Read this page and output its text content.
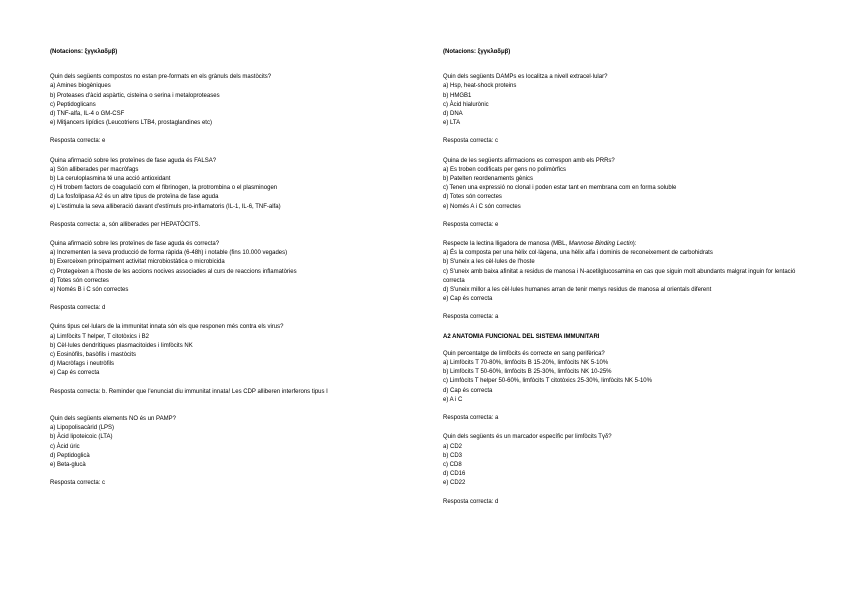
(Notacions: ξγγκλαδμβ)
Quin dels següents compostos no estan pre-formats en els grànuls dels mastòcits?
a) Amines biogèniques
b) Proteases d'àcid aspàrtic, cisteina o serina i metaloproteases
c) Peptidoglicans
d) TNF-alfa, IL-4 o GM-CSF
e) Mitjancers lipídics (Leucotriens LTB4, prostaglandines etc)
Resposta correcta: e
Quina afirmació sobre les proteïnes de fase aguda és FALSA?
a) Són alliberades per macròfags
b) La ceruloplasmina té una acció antioxidant
c) Hi trobem factors de coagulació com el fibrinogen, la protrombina o el plasminogen
d) La fosfolipasa A2 és un altre tipus de proteïna de fase aguda
e) L'estimula la seva alliberació davant d'estímuls pro-inflamatoris (IL-1, IL-6, TNF-alfa)
Resposta correcta: a, són alliberades per HEPATÒCITS.
Quina afirmació sobre les proteïnes de fase aguda és correcta?
a) Incrementen la seva producció de forma ràpida (6-48h) i notable (fins 10.000 vegades)
b) Exerceixen principalment activitat microbiostàtica o microbicida
c) Protegeixen a l'hoste de les accions nocives associades al curs de reaccions inflamatòries
d) Totes són correctes
e) Només B i C són correctes
Resposta correcta: d
Quins tipus cel·lulars de la immunitat innata són els que responen més contra els virus?
a) Limfòcits T helper, T citotòxics i B2
b) Cèl·lules dendrítiques plasmacitoides i limfòcits NK
c) Eosinòfils, basòfils i mastòcits
d) Macròfags i neutròfils
e) Cap és correcta
Resposta correcta: b. Reminder que l'enunciat diu immunitat innata! Les CDP alliberen interferons tipus I
Quin dels següents elements NO és un PAMP?
a) Lipopolisacàrid (LPS)
b) Àcid lipoteicoic (LTA)
c) Àcid úric
d) Peptidoglicà
e) Beta-glucà
Resposta correcta: c
(Notacions: ξγγκλαδμβ)
Quin dels següents DAMPs es localitza a nivell extracel·lular?
a) Hsp, heat-shock proteins
b) HMGB1
c) Àcid hialurònic
d) DNA
e) LTA
Resposta correcta: c
Quina de les següents afirmacions es correspon amb els PRRs?
a) Es troben codificats per gens no polimòrfics
b) Patelten reordenaments gènics
c) Tenen una expressió no clonal i poden estar tant en membrana com en forma soluble
d) Totes són correctes
e) Només A i C són correctes
Resposta correcta: e
Respecte la lectina lligadora de manosa (MBL, Mannose Binding Lectin):
a) És la composta per una hèlix col·làgena, una hèlix alfa i dominis de reconeixement de carbohidrats
b) S'uneix a les cèl·lules de l'hoste
c) S'uneix amb baixa afinitat a residus de manosa i N-acetilglucosamina en cas que siguin molt abundants malgrat inguin for lentació correcta
d) S'uneix millor a les cèl·lules humanes arran de tenir menys residus de manosa al orientals diferent
e) Cap és correcta
Resposta correcta: a
A2 ANATOMIA FUNCIONAL DEL SISTEMA IMMUNITARI
Quin percentatge de limfòcits és correcte en sang perifèrica?
a) Limfòcits T 70-80%, limfòcits B 15-20%, limfòcits NK 5-10%
b) Limfòcits T 50-60%, limfòcits B 25-30%, limfòcits NK 10-25%
c) Limfòcits T helper 50-60%, limfòcits T citotòxics 25-30%, limfòcits NK 5-10%
d) Cap és correcta
e) A i C
Resposta correcta: a
Quin dels següents és un marcador específic per limfòcits Tγδ?
a) CD2
b) CD3
c) CD8
d) CD16
e) CD22
Resposta correcta: d
